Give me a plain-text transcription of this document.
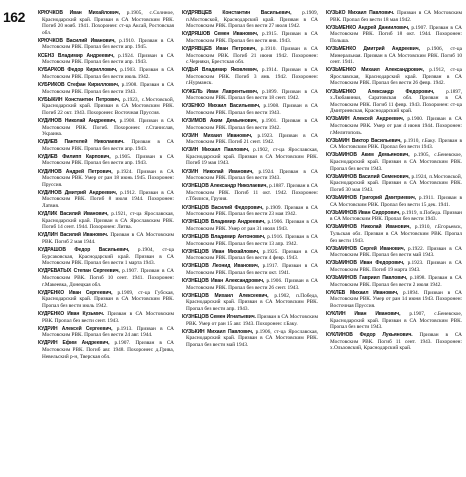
162	КРЮЧКОВ Иван Михайлович, р.1905, с.Солнное, Краснодарский край. Призван в СА Мостовским РВК. Погиб 20 нояб. 1941. Похоронен: ст-ца Аксай, Ростовская обл.

КРЮЧКОВ Василий Иванович, р.1910. Призван в СА Мостовским РВК. Пропал без вести апр. 1945.

КСЕНЗ Владимир Андреевич, р.1924. Призван в СА Мостовским РВК. Пропал без вести апр. 1943.

КУБАРКОВ Федор Кириллович, р.1903. Призван в СА Мостовским РВК. Пропал без вести июль 1942.

КУБРИКОВ Стефан Кириллович, р.1908. Призван в СА Мостовским РВК. Пропал без вести 1943.

КУБЫКИН Константин Петрович, р.1923, с.Мостовской, Краснодарский край. Призван в СА Мостовским РВК. Погиб 22 окт. 1943. Похоронен: Восточная Пруссия.

КУДИНОВ Николай Андреевич, р.1908. Призван в СА Мостовским РВК. Погиб. Похоронен: г.Станислав, Украина.

КУДИЕВ Пантелей Николаевич. Призван в СА Мостовским РВК. Пропал без вести апр. 1943.

КУДИЕВ Филипп Карпович, р.1905. Призван в СА Мостовским РВК. Пропал без вести апр. 1943.

КУДИНОВ Андрей Петрович, р.1924. Призван в СА Мостовским РВК. Умер от ран 18 июнь 1945. Похоронен: Пруссия.

КУДИНОВ Дмитрий Андреевич, р.1912. Призван в СА Мостовским РВК. Погиб 8 июля 1944. Похоронен: Латвия.

КУДЛИК Василий Иванович, р.1921, ст-ца Ярославская, Краснодарский край. Призван в СА Ярославским РВК. Погиб 14 сент. 1944. Похоронен: Литва.

КУДЛИН Василий Иванович. Призван в СА Мостовским РВК. Погиб 2 мая 1944.

КУДРАШОВ Федор Васильевич, р.1904, ст-ца Бурсаковская, Краснодарский край. Призван в СА Мостовским РВК. Пропал без вести 1 марта 1943.

КУДРЕВАТЫХ Степан Сергеевич, р.1907. Призван в СА Мостовским РВК. Погиб 10 сент. 1941. Похоронен: г.Макеевка, Донецкая обл.

КУДРЕНКО Иван Сергеевич, р.1909, ст-ца Губская, Краснодарский край. Призван в СА Мостовским РВК. Пропал без вести июль 1942.

КУДРЕНКО Иван Кузьмич. Призван в СА Мостовским РВК. Пропал без вести сент. 1943.

КУДРИН Алексей Сергеевич, р.1913. Призван в СА Мостовским РВК. Пропал без вести 24 авг. 1944.

КУДРИН Ефим Андреевич, р.1907. Призван в СА Мостовским РВК. Погиб авг. 1948. Похоронен: д.Грива, Невельский р-н, Тверская обл.

КУДРЯВЦЕВ Константин Васильевич, р.1909, п.Мостовской, Краснодарский край. Призван в СА Мостовским РВК. Пропал без вести 27 июля 1942.

КУДРЯШОВ Семен Иванович, р.1915. Призван в СА Мостовским РВК. Пропал без вести янв. 1943.

КУДРЯВЦЕВ Иван Петрович, р.1910. Призван в СА Мостовским РВК. Погиб 21 июня 1942. Похоронен: с.Черняки, Брестская обл.

КУДЬЯ Владимир Яковлевич, р.1914. Призван в СА Мостовским РВК. Погиб 3 янв. 1942. Похоронен: г.Нурманск.

КУЖЕЛЬ Иван Лаврентьевич, р.1899. Призван в СА Мостовским РВК. Пропал без вести 18 сент. 1942.

КУЗЕНКО Михаил Васильевич, р.1908. Призван в СА Мостовским РВК. Пропал без вести 1943.

КУЗИМОВ Аким Демьянович, р.1901. Призван в СА Мостовским РВК. Пропал без вести 1942.

КУЗИН Михаил Иванович, р.1923. Призван в СА Мостовским РВК. Погиб 21 сент. 1942.

КУЗИН Михаил Павлович, р.1902, ст-ца Ярославская, Краснодарский край. Призван в СА Мостовским РВК. Погиб 19 мая 1943.

КУЗИН Николай Иванович, р.1924. Призван в СА Мостовским РВК. Пропал без вести 1943.

КУЗНЕЦОВ Александр Николаевич, р.1887. Призван в СА Мостовским РВК. Погиб 11 окт. 1942. Похоронен: г.Тбилиси, Грузия.

КУЗНЕЦОВ Василий Федорович, р.1909. Призван в СА Мостовским РВК. Пропал без вести 23 мая 1942.

КУЗНЕЦОВ Владимир Андреевич, р.1906. Призван в СА Мостовским РВК. Умер от ран 31 июля 1943.

КУЗНЕЦОВ Владимир Антонович, р.1916. Призван в СА Мостовским РВК. Пропал без вести 13 апр. 1942.

КУЗНЕЦОВ Иван Михайлович, р.1925. Призван в СА Мостовским РВК. Пропал без вести 4 февр. 1943.

КУЗНЕЦОВ Леонид Иванович, р.1917. Призван в СА Мостовским РВК. Пропал без вести окт. 1941.

КУЗНЕЦОВ Иван Александрович, р.1906. Призван в СА Мостовским РВК. Пропал без вести 26 сент. 1943.

КУЗНЕЦОВ Михаил Алексеевич, р.1902, п.Победа, Краснодарский край. Призван в СА Мостовским РВК. Пропал без вести апр. 1943.

КУЗНЕЦОВ Семен Игнатьевич. Призван в СА Мостовским РВК. Умер от ран 15 авг. 1943. Похоронен: г.Баку.

КУЗЬКИН Михаил Павлович, р.1906, ст-ца Ярославская, Краснодарский край. Призван в СА Мостовским РВК. Пропал без вести май 1943.

КУЗЬКО Михаил Павлович. Призван в СА Мостовским РВК. Пропал без вести 18 мая 1942.

КУЗЬМЕНКО Андрей Даниилович, р.1907. Призван в СА Мостовским РВК. Погиб 18 окт. 1944. Похоронен: Польша.

КУЗЬМЕНКО Дмитрий Андреевич, р.1906, ст-ца Минеральная. Призван в СА Мостовским РВК. Погиб 10 сент. 1941.

КУЗЬМЕНКО Михаил Александрович, р.1912, ст-ца Ярославская, Краснодарский край. Призван в СА Мостовским РВК. Пропал без вести 26 февр. 1942.

КУЗЬМЕНКО Александр Федорович, р.1897, х.Любавинки, Саратовская обл. Призван в СА Мостовским РВК. Погиб 11 февр. 1943. Похоронен: ст-ца Дмитриевская, Краснодарский край.

КУЗЬМИН Алексей Андреевич, р.1900. Призван в СА Мостовским РВК. Умер от ран 4 июня 1944. Похоронен: г.Мелитополь.

КУЗЬМИН Виктор Васильевич, р.1910, г.Баку. Призван в СА Мостовским РВК. Пропал без вести 1943.

КУЗЬМИНОВ Аким Демьянович, р.1905, с.Беневское, Краснодарский край. Призван в СА Мостовским РВК. Пропал без вести 1943.

КУЗЬМИНОВ Василий Семенович, р.1924, п.Мостовской, Краснодарский край. Призван в СА Мостовским РВК. Погиб 30 мая 1943.

КУЗЬМИНОВ Григорий Дмитриевич, р.1911. Призван в СА Мостовским РВК. Пропал без вести 15 дек. 1941.

КУЗЬМИНОВ Иван Сидорович, р.1919, п.Победа. Призван в СА Мостовским РВК. Пропал без вести 1943.

КУЗЬМИНОВ Николай Иванович, р.1910, г.Егорьевск, Тульская обл. Призван в СА Мостовским РВК. Пропал без вести 1943.

КУЗЬМИНОВ Сергей Иванович, р.1922. Призван в СА Мостовским РВК. Пропал без вести май 1943.

КУЗЬМИНОВ Иван Федорович, р.1923. Призван в СА Мостовским РВК. Погиб 19 марта 1943.

КУЗЬМИНОВ Гавриил Павлович, р.1898. Призван в СА Мостовским РВК. Пропал без вести 2 июля 1942.

КУКЛЕВ Михаил Иванович, р.1894. Призван в СА Мостовским РВК. Умер от ран 14 июня 1943. Похоронен: Восточная Пруссия.

КУКЛИН Иван Иванович, р.1907, с.Беневское, Краснодарский край. Призван в СА Мостовским РВК. Пропал без вести 1943.

КУКЛИНОВ Федор Лукьянович. Призван в СА Мостовским РВК. Погиб 11 сент. 1943. Похоронен: х.Ольховский, Краснодарский край.
